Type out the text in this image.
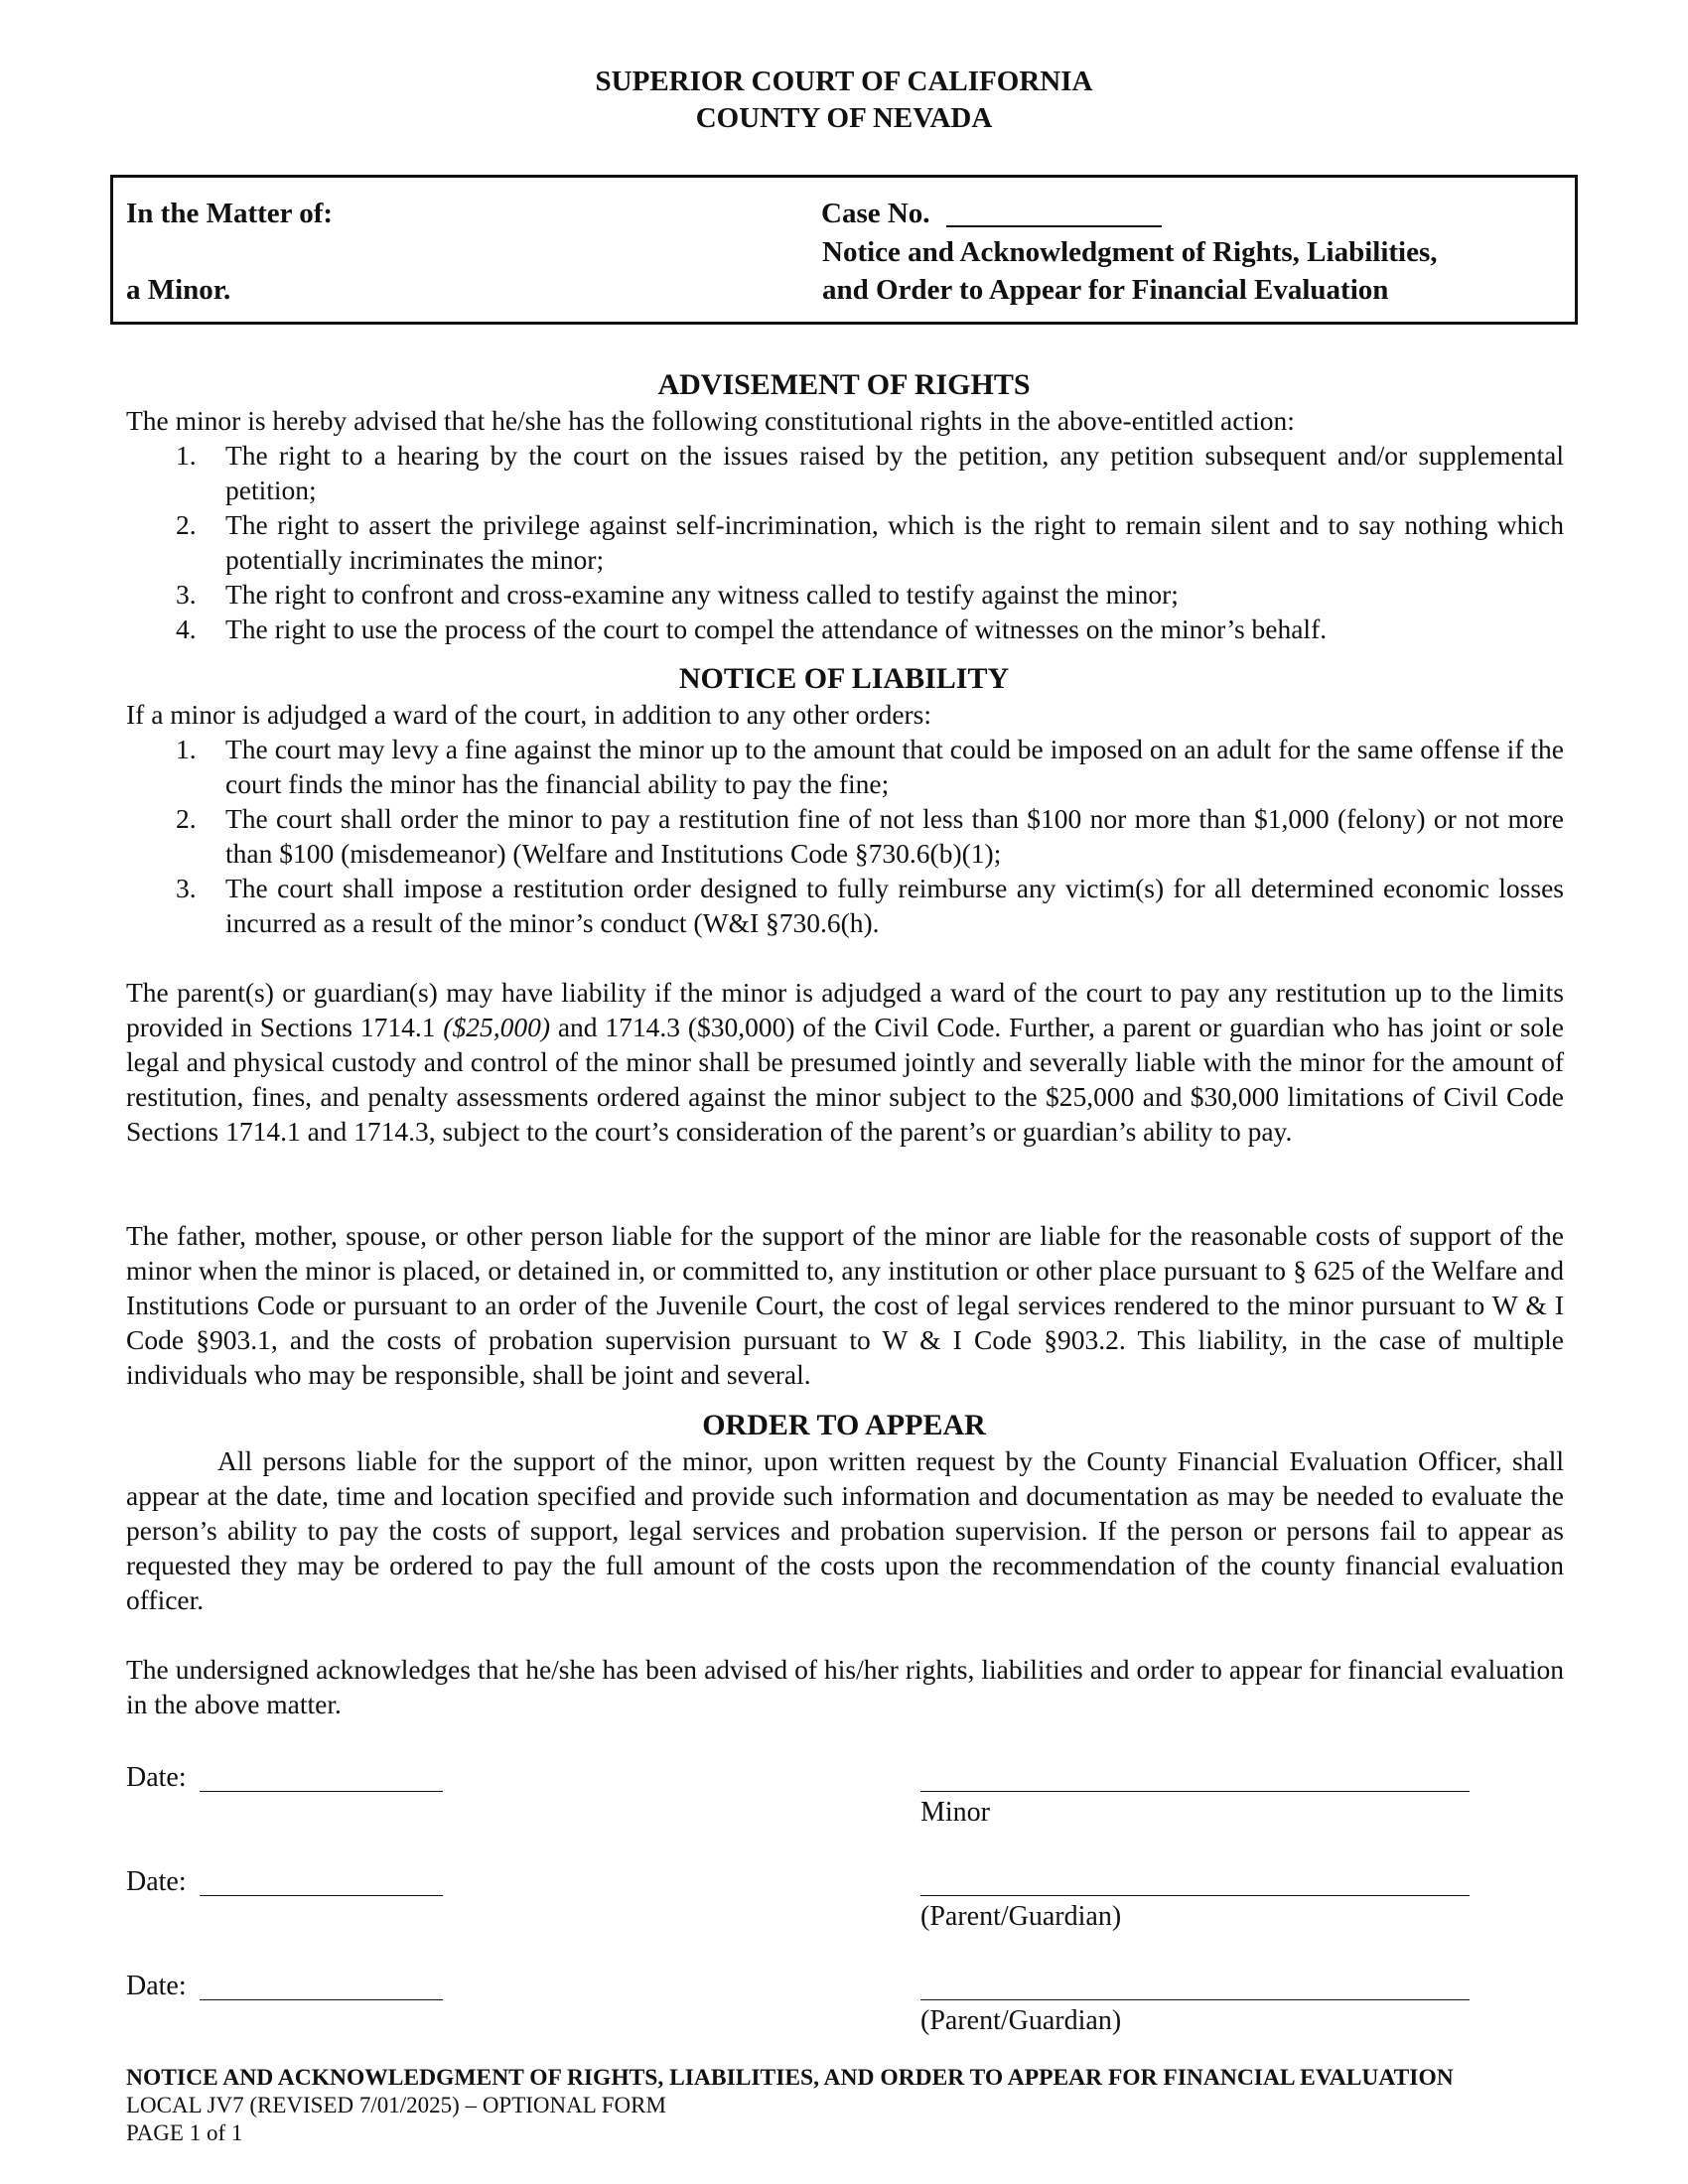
SUPERIOR COURT OF CALIFORNIA
COUNTY OF NEVADA
In the Matter of:
a Minor.
Case No.
Notice and Acknowledgment of Rights, Liabilities,
and Order to Appear for Financial Evaluation
ADVISEMENT OF RIGHTS
The minor is hereby advised that he/she has the following constitutional rights in the above-entitled action:
1. The right to a hearing by the court on the issues raised by the petition, any petition subsequent and/or supplemental petition;
2. The right to assert the privilege against self-incrimination, which is the right to remain silent and to say nothing which potentially incriminates the minor;
3. The right to confront and cross-examine any witness called to testify against the minor;
4. The right to use the process of the court to compel the attendance of witnesses on the minor’s behalf.
NOTICE OF LIABILITY
If a minor is adjudged a ward of the court, in addition to any other orders:
1. The court may levy a fine against the minor up to the amount that could be imposed on an adult for the same offense if the court finds the minor has the financial ability to pay the fine;
2. The court shall order the minor to pay a restitution fine of not less than $100 nor more than $1,000 (felony) or not more than $100 (misdemeanor) (Welfare and Institutions Code §730.6(b)(1);
3. The court shall impose a restitution order designed to fully reimburse any victim(s) for all determined economic losses incurred as a result of the minor’s conduct (W&I §730.6(h).
The parent(s) or guardian(s) may have liability if the minor is adjudged a ward of the court to pay any restitution up to the limits provided in Sections 1714.1 ($25,000) and 1714.3 ($30,000) of the Civil Code. Further, a parent or guardian who has joint or sole legal and physical custody and control of the minor shall be presumed jointly and severally liable with the minor for the amount of restitution, fines, and penalty assessments ordered against the minor subject to the $25,000 and $30,000 limitations of Civil Code Sections 1714.1 and 1714.3, subject to the court’s consideration of the parent’s or guardian’s ability to pay.
The father, mother, spouse, or other person liable for the support of the minor are liable for the reasonable costs of support of the minor when the minor is placed, or detained in, or committed to, any institution or other place pursuant to § 625 of the Welfare and Institutions Code or pursuant to an order of the Juvenile Court, the cost of legal services rendered to the minor pursuant to W & I Code §903.1, and the costs of probation supervision pursuant to W & I Code §903.2. This liability, in the case of multiple individuals who may be responsible, shall be joint and several.
ORDER TO APPEAR
All persons liable for the support of the minor, upon written request by the County Financial Evaluation Officer, shall appear at the date, time and location specified and provide such information and documentation as may be needed to evaluate the person’s ability to pay the costs of support, legal services and probation supervision. If the person or persons fail to appear as requested they may be ordered to pay the full amount of the costs upon the recommendation of the county financial evaluation officer.
The undersigned acknowledges that he/she has been advised of his/her rights, liabilities and order to appear for financial evaluation in the above matter.
Date:
Minor
Date:
(Parent/Guardian)
Date:
(Parent/Guardian)
NOTICE AND ACKNOWLEDGMENT OF RIGHTS, LIABILITIES, AND ORDER TO APPEAR FOR FINANCIAL EVALUATION
LOCAL JV7 (REVISED 7/01/2025) – OPTIONAL FORM
PAGE 1 of 1
